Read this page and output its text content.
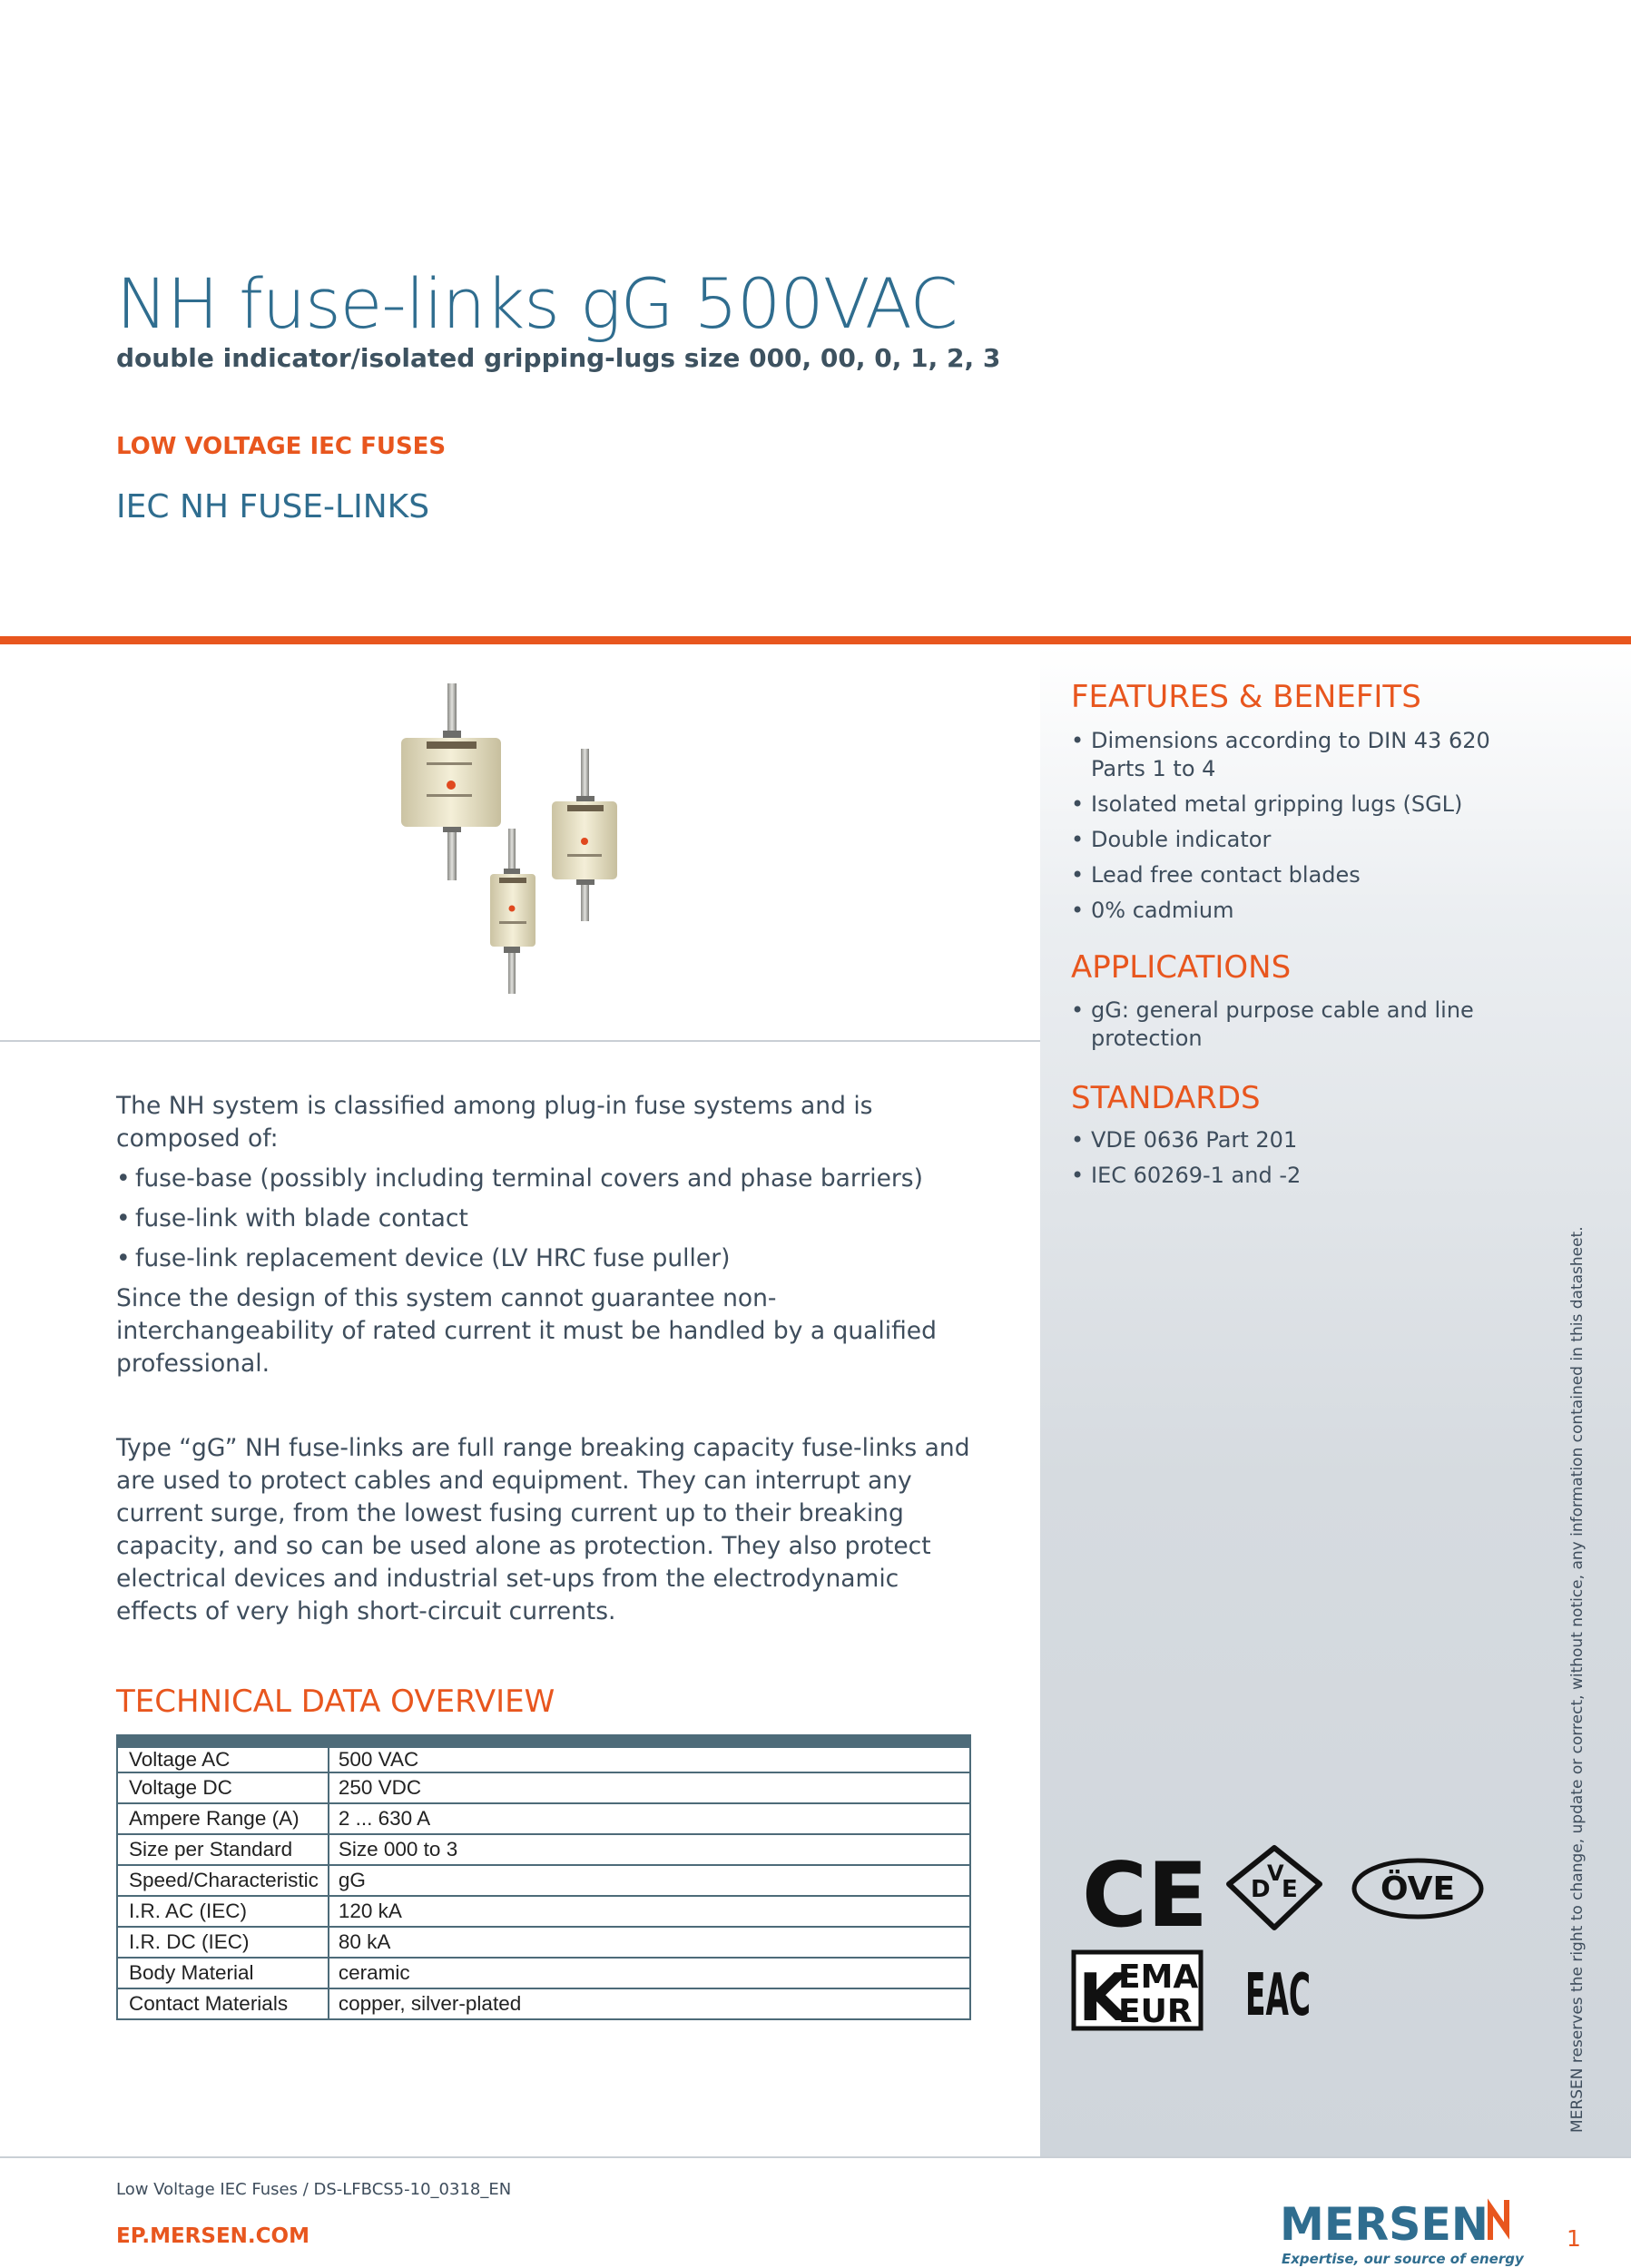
NH fuse-links gG 500VAC
double indicator/isolated gripping-lugs size 000, 00, 0, 1, 2, 3
LOW VOLTAGE IEC FUSES
IEC NH FUSE-LINKS
FEATURES & BENEFITS
• Dimensions according to DIN 43 620 Parts 1 to 4
• Isolated metal gripping lugs (SGL)
• Double indicator
• Lead free contact blades
• 0% cadmium
APPLICATIONS
• gG: general purpose cable and line protection
STANDARDS
• VDE 0636 Part 201
• IEC 60269-1 and -2
MERSEN reserves the right to change, update or correct, without notice, any information contained in this datasheet.

The NH system is classified among plug-in fuse systems and is composed of:

• fuse-base (possibly including terminal covers and phase barriers)
• fuse-link with blade contact
• fuse-link replacement device (LV HRC fuse puller)

Since the design of this system cannot guarantee non-interchangeability of rated current it must be handled by a qualified professional.

Type “gG” NH fuse-links are full range breaking capacity fuse-links and are used to protect cables and equipment. They can interrupt any current surge, from the lowest fusing current up to their breaking capacity, and so can be used alone as protection. They also protect electrical devices and industrial set-ups from the electrodynamic effects of very high short-circuit currents.

TECHNICAL DATA OVERVIEW
Voltage AC	500 VAC
Voltage DC	250 VDC
Ampere Range (A)	2 ... 630 A
Size per Standard	Size 000 to 3
Speed/Characteristic	gG
I.R. AC (IEC)	120 kA
I.R. DC (IEC)	80 kA
Body Material	ceramic
Contact Materials	copper, silver-plated
CE D
V
E	ÖVE
K
EMA
EUR EAC
Low Voltage IEC Fuses / DS-LFBCS5-10_0318_EN
EP.MERSEN.COM	MERSEN
Expertise, our source of energy
1
